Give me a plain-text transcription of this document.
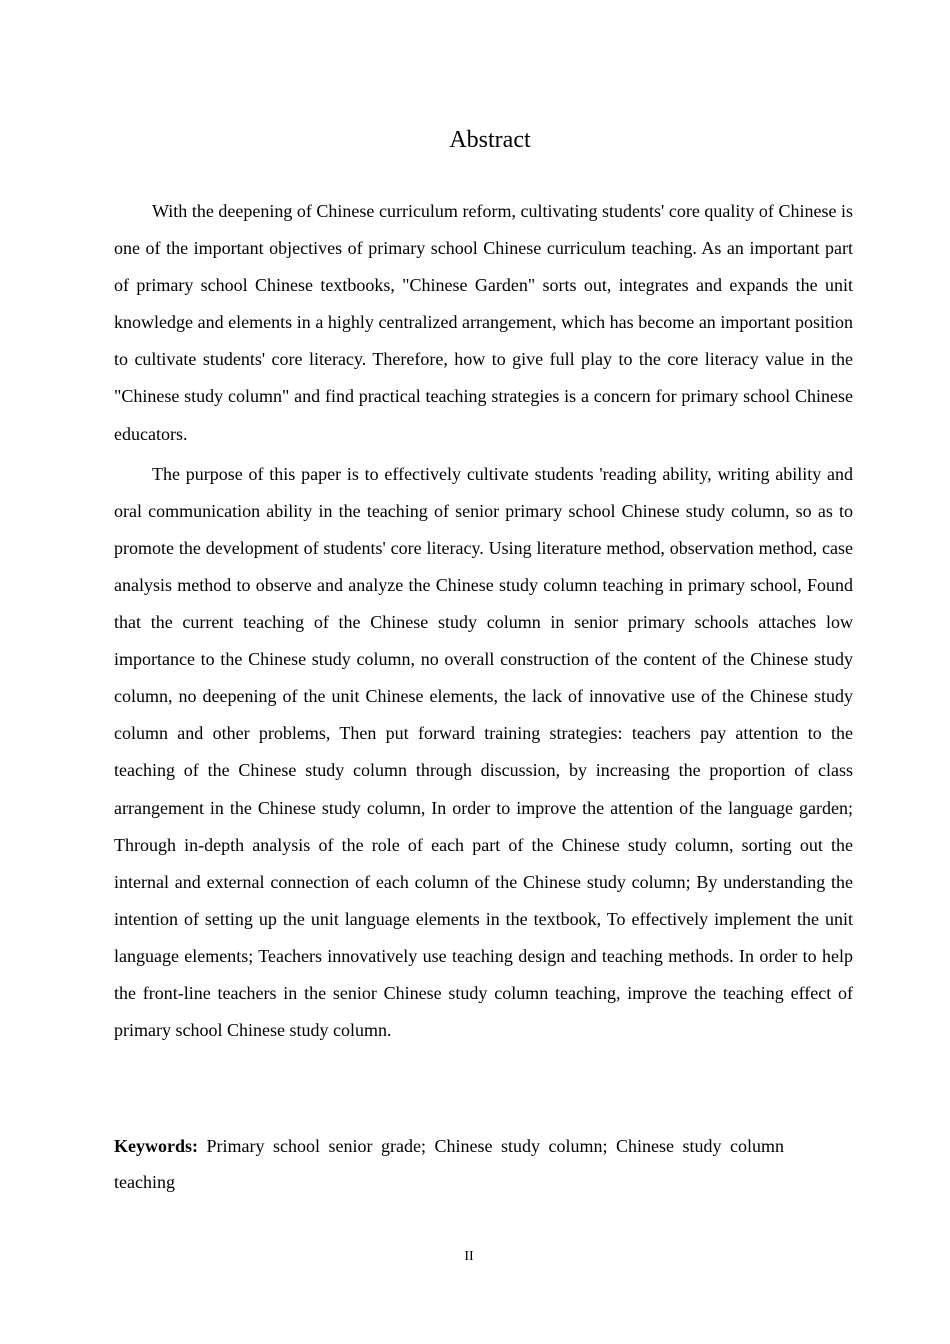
Abstract

With the deepening of Chinese curriculum reform, cultivating students' core quality of Chinese is one of the important objectives of primary school Chinese curriculum teaching. As an important part of primary school Chinese textbooks, "Chinese Garden" sorts out, integrates and expands the unit knowledge and elements in a highly centralized arrangement, which has become an important position to cultivate students' core literacy. Therefore, how to give full play to the core literacy value in the "Chinese study column" and find practical teaching strategies is a concern for primary school Chinese educators.

The purpose of this paper is to effectively cultivate students 'reading ability, writing ability and oral communication ability in the teaching of senior primary school Chinese study column, so as to promote the development of students' core literacy. Using literature method, observation method, case analysis method to observe and analyze the Chinese study column teaching in primary school, Found that the current teaching of the Chinese study column in senior primary schools attaches low importance to the Chinese study column, no overall construction of the content of the Chinese study column, no deepening of the unit Chinese elements, the lack of innovative use of the Chinese study column and other problems, Then put forward training strategies: teachers pay attention to the teaching of the Chinese study column through discussion, by increasing the proportion of class arrangement in the Chinese study column, In order to improve the attention of the language garden; Through in-depth analysis of the role of each part of the Chinese study column, sorting out the internal and external connection of each column of the Chinese study column; By understanding the intention of setting up the unit language elements in the textbook, To effectively implement the unit language elements; Teachers innovatively use teaching design and teaching methods. In order to help the front-line teachers in the senior Chinese study column teaching, improve the teaching effect of primary school Chinese study column.

Keywords: Primary school senior grade; Chinese study column; Chinese study column teaching

II
